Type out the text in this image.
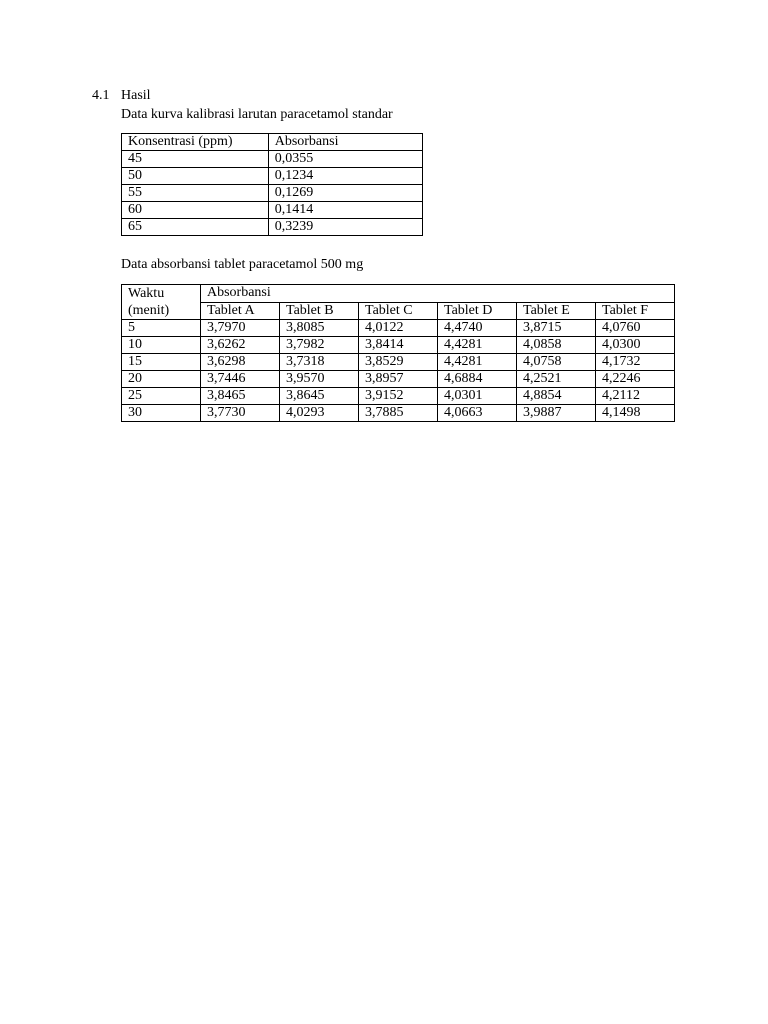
4.1 Hasil
Data kurva kalibrasi larutan paracetamol standar
Konsentrasi (ppm)	Absorbansi
45	0,0355
50	0,1234
55	0,1269
60	0,1414
65	0,3239
Data absorbansi tablet paracetamol 500 mg
Waktu
(menit)	Absorbansi					
	Tablet A	Tablet B	Tablet C	Tablet D	Tablet E	Tablet F
5	3,7970	3,8085	4,0122	4,4740	3,8715	4,0760
10	3,6262	3,7982	3,8414	4,4281	4,0858	4,0300
15	3,6298	3,7318	3,8529	4,4281	4,0758	4,1732
20	3,7446	3,9570	3,8957	4,6884	4,2521	4,2246
25	3,8465	3,8645	3,9152	4,0301	4,8854	4,2112
30	3,7730	4,0293	3,7885	4,0663	3,9887	4,1498
